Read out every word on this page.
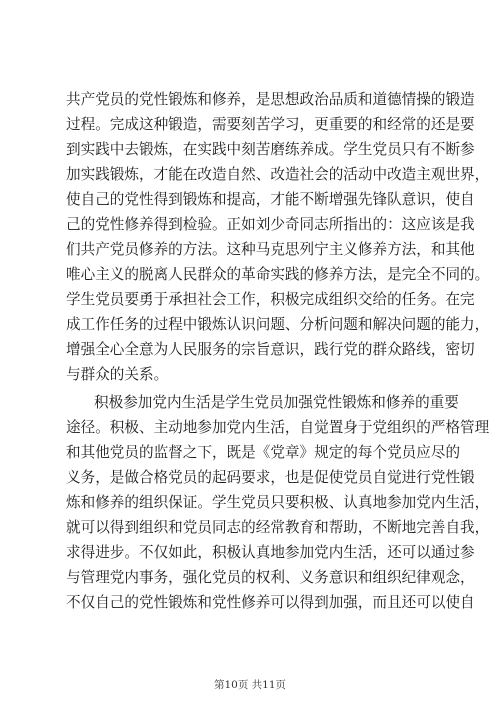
共产党员的党性锻炼和修养，是思想政治品质和道德情操的锻造
过程。完成这种锻造，需要刻苦学习，更重要的和经常的还是要
到实践中去锻炼，在实践中刻苦磨练养成。学生党员只有不断参
加实践锻炼，才能在改造自然、改造社会的活动中改造主观世界，
使自己的党性得到锻炼和提高，才能不断增强先锋队意识，使自
己的党性修养得到检验。正如刘少奇同志所指出的：这应该是我
们共产党员修养的方法。这种马克思列宁主义修养方法，和其他
唯心主义的脱离人民群众的革命实践的修养方法，是完全不同的。
学生党员要勇于承担社会工作，积极完成组织交给的任务。在完
成工作任务的过程中锻炼认识问题、分析问题和解决问题的能力，
增强全心全意为人民服务的宗旨意识，践行党的群众路线，密切
与群众的关系。
积极参加党内生活是学生党员加强党性锻炼和修养的重要
途径。积极、主动地参加党内生活，自觉置身于党组织的严格管理
和其他党员的监督之下，既是《党章》规定的每个党员应尽的
义务，是做合格党员的起码要求，也是促使党员自觉进行党性锻
炼和修养的组织保证。学生党员只要积极、认真地参加党内生活，
就可以得到组织和党员同志的经常教育和帮助，不断地完善自我，
求得进步。不仅如此，积极认真地参加党内生活，还可以通过参
与管理党内事务，强化党员的权利、义务意识和组织纪律观念，
不仅自己的党性锻炼和党性修养可以得到加强，而且还可以使自
第10页 共11页
